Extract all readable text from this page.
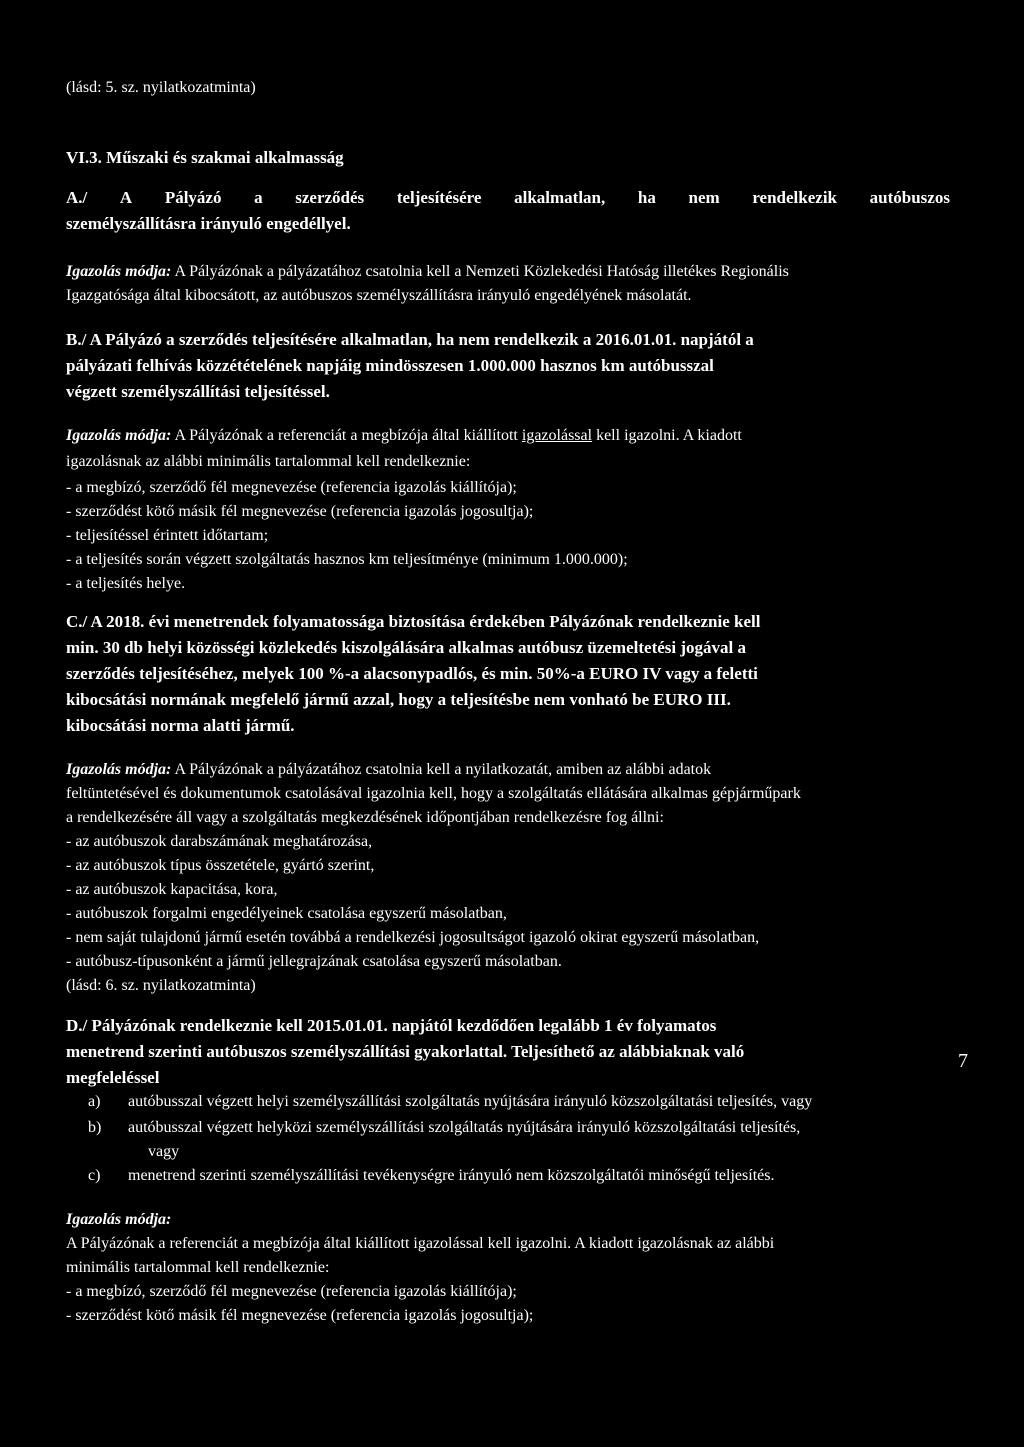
(lásd: 5. sz. nyilatkozatminta)
VI.3. Műszaki és szakmai alkalmasság
A./ A Pályázó a szerződés teljesítésére alkalmatlan, ha nem rendelkezik autóbuszos
személyszállításra irányuló engedéllyel.
Igazolás módja: A Pályázónak a pályázatához csatolnia kell a Nemzeti Közlekedési Hatóság illetékes Regionális
Igazgatósága által kibocsátott, az autóbuszos személyszállításra irányuló engedélyének másolatát.
B./ A Pályázó a szerződés teljesítésére alkalmatlan, ha nem rendelkezik a 2016.01.01. napjától a
pályázati felhívás közzétételének napjáig mindösszesen 1.000.000 hasznos km autóbusszal
végzett személyszállítási teljesítéssel.
Igazolás módja: A Pályázónak a referenciát a megbízója által kiállított igazolással kell igazolni. A kiadott
igazolásnak az alábbi minimális tartalommal kell rendelkeznie:
- a megbízó, szerződő fél megnevezése (referencia igazolás kiállítója);
- szerződést kötő másik fél megnevezése (referencia igazolás jogosultja);
- teljesítéssel érintett időtartam;
- a teljesítés során végzett szolgáltatás hasznos km teljesítménye (minimum 1.000.000);
- a teljesítés helye.
C./ A 2018. évi menetrendek folyamatossága biztosítása érdekében Pályázónak rendelkeznie kell
min. 30 db helyi közösségi közlekedés kiszolgálására alkalmas autóbusz üzemeltetési jogával a
szerződés teljesítéséhez, melyek 100 %-a alacsonypadlós, és min. 50%-a EURO IV vagy a feletti
kibocsátási normának megfelelő jármű azzal, hogy a teljesítésbe nem vonható be EURO III.
kibocsátási norma alatti jármű.
Igazolás módja: A Pályázónak a pályázatához csatolnia kell a nyilatkozatát, amiben az alábbi adatok
feltüntetésével és dokumentumok csatolásával igazolnia kell, hogy a szolgáltatás ellátására alkalmas gépjárműpark
a rendelkezésére áll vagy a szolgáltatás megkezdésének időpontjában rendelkezésre fog állni:
- az autóbuszok darabszámának meghatározása,
- az autóbuszok típus összetétele, gyártó szerint,
- az autóbuszok kapacitása, kora,
- autóbuszok forgalmi engedélyeinek csatolása egyszerű másolatban,
- nem saját tulajdonú jármű esetén továbbá a rendelkezési jogosultságot igazoló okirat egyszerű másolatban,
- autóbusz-típusonként a jármű jellegrajzának csatolása egyszerű másolatban.
(lásd: 6. sz. nyilatkozatminta)
D./ Pályázónak rendelkeznie kell 2015.01.01. napjától kezdődően legalább 1 év folyamatos
menetrend szerinti autóbuszos személyszállítási gyakorlattal. Teljesíthető az alábbiaknak való
megfeleléssel
a) autóbusszal végzett helyi személyszállítási szolgáltatás nyújtására irányuló közszolgáltatási teljesítés, vagy
b) autóbusszal végzett helyközi személyszállítási szolgáltatás nyújtására irányuló közszolgáltatási teljesítés,
vagy
c) menetrend szerinti személyszállítási tevékenységre irányuló nem közszolgáltatói minőségű teljesítés.
Igazolás módja:
A Pályázónak a referenciát a megbízója által kiállított igazolással kell igazolni. A kiadott igazolásnak az alábbi
minimális tartalommal kell rendelkeznie:
- a megbízó, szerződő fél megnevezése (referencia igazolás kiállítója);
- szerződést kötő másik fél megnevezése (referencia igazolás jogosultja);
7
